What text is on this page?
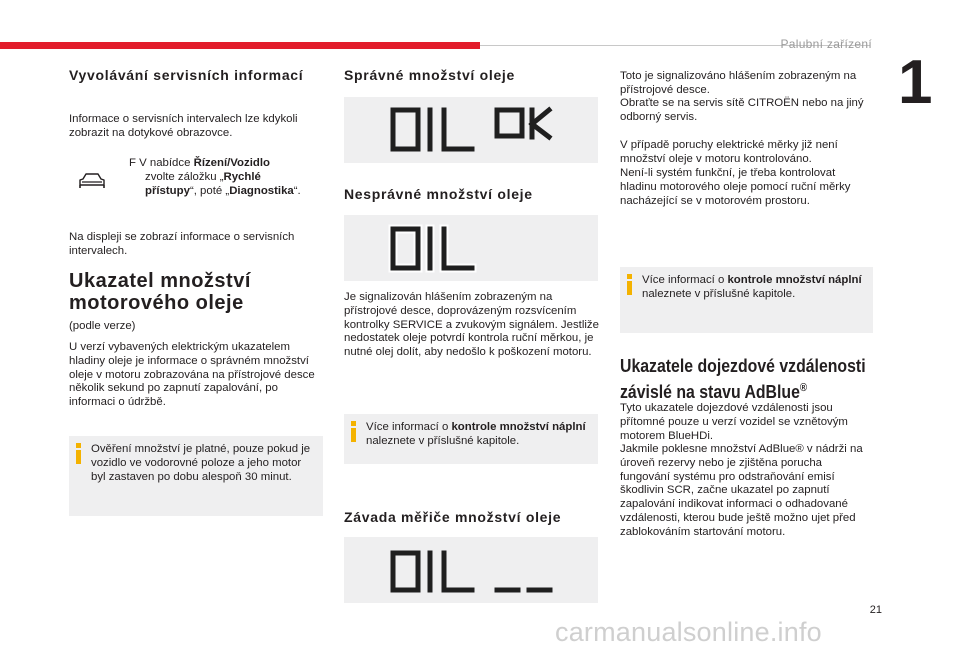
Palubní zařízení
1
Vyvolávání servisních informací
Informace o servisních intervalech lze kdykoli zobrazit na dotykové obrazovce.
F V nabídce Řízení/Vozidlo
zvolte záložku „Rychlé
přístupy“, poté „Diagnostika“.
Na displeji se zobrazí informace o servisních intervalech.
Ukazatel množství
motorového oleje
(podle verze)
U verzí vybavených elektrickým ukazatelem hladiny oleje je informace o správném množství oleje v motoru zobrazována na přístrojové desce několik sekund po zapnutí zapalování, po informaci o údržbě.
Ověření množství je platné, pouze pokud je vozidlo ve vodorovné poloze a jeho motor byl zastaven po dobu alespoň 30 minut.
Správné množství oleje
Nesprávné množství oleje
Je signalizován hlášením zobrazeným na přístrojové desce, doprovázeným rozsvícením kontrolky SERVICE a zvukovým signálem. Jestliže nedostatek oleje potvrdí kontrola ruční měrkou, je nutné olej dolít, aby nedošlo k poškození motoru.
Více informací o kontrole množství náplní naleznete v příslušné kapitole.
Závada měřiče množství oleje
Toto je signalizováno hlášením zobrazeným na přístrojové desce.
Obraťte se na servis sítě CITROËN nebo na jiný odborný servis.
V případě poruchy elektrické měrky již není množství oleje v motoru kontrolováno.
Není-li systém funkční, je třeba kontrolovat hladinu motorového oleje pomocí ruční měrky nacházející se v motorovém prostoru.
Více informací o kontrole množství náplní naleznete v příslušné kapitole.
Ukazatele dojezdové vzdálenosti
závislé na stavu AdBlue®
Tyto ukazatele dojezdové vzdálenosti jsou přítomné pouze u verzí vozidel se vznětovým motorem BlueHDi.
Jakmile poklesne množství AdBlue® v nádrži na úroveň rezervy nebo je zjištěna porucha fungování systému pro odstraňování emisí škodlivin SCR, začne ukazatel po zapnutí zapalování indikovat informaci o odhadované vzdálenosti, kterou bude ještě možno ujet před zablokováním startování motoru.
21
carmanualsonline.info
